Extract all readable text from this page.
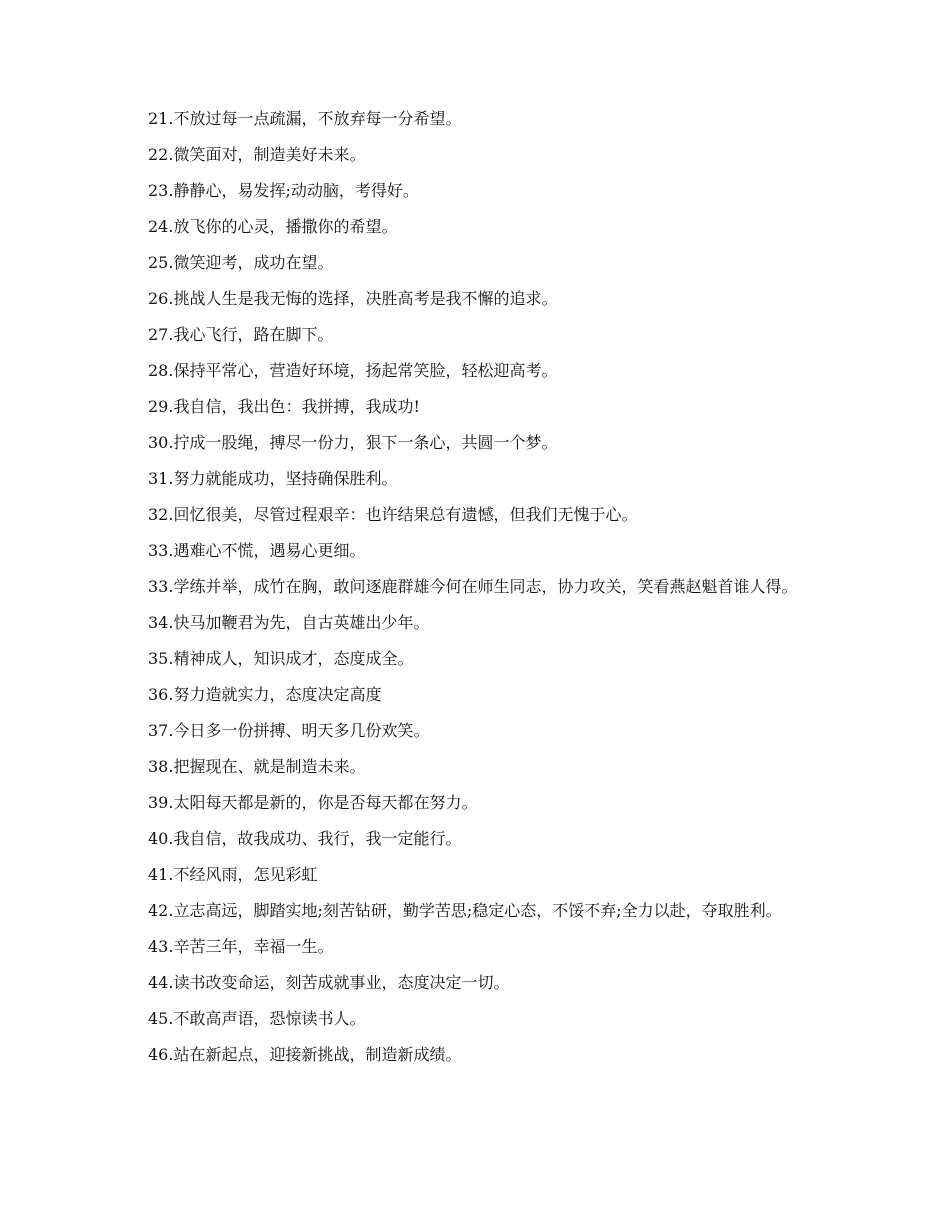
21.不放过每一点疏漏，不放弃每一分希望。

22.微笑面对，制造美好未来。

23.静静心，易发挥;动动脑，考得好。

24.放飞你的心灵，播撒你的希望。

25.微笑迎考，成功在望。

26.挑战人生是我无悔的选择，决胜高考是我不懈的追求。

27.我心飞行，路在脚下。

28.保持平常心，营造好环境，扬起常笑脸，轻松迎高考。

29.我自信，我出色：我拼搏，我成功!

30.拧成一股绳，搏尽一份力，狠下一条心，共圆一个梦。

31.努力就能成功，坚持确保胜利。

32.回忆很美，尽管过程艰辛：也许结果总有遗憾，但我们无愧于心。

33.遇难心不慌，遇易心更细。

33.学练并举，成竹在胸，敢问逐鹿群雄今何在师生同志，协力攻关，笑看燕赵魁首谁人得。

34.快马加鞭君为先，自古英雄出少年。

35.精神成人，知识成才，态度成全。

36.努力造就实力，态度决定高度

37.今日多一份拼搏、明天多几份欢笑。

38.把握现在、就是制造未来。

39.太阳每天都是新的，你是否每天都在努力。

40.我自信，故我成功、我行，我一定能行。

41.不经风雨，怎见彩虹

42.立志高远，脚踏实地;刻苦钻研，勤学苦思;稳定心态，不馁不弃;全力以赴，夺取胜利。

43.辛苦三年，幸福一生。

44.读书改变命运，刻苦成就事业，态度决定一切。

45.不敢高声语，恐惊读书人。

46.站在新起点，迎接新挑战，制造新成绩。
